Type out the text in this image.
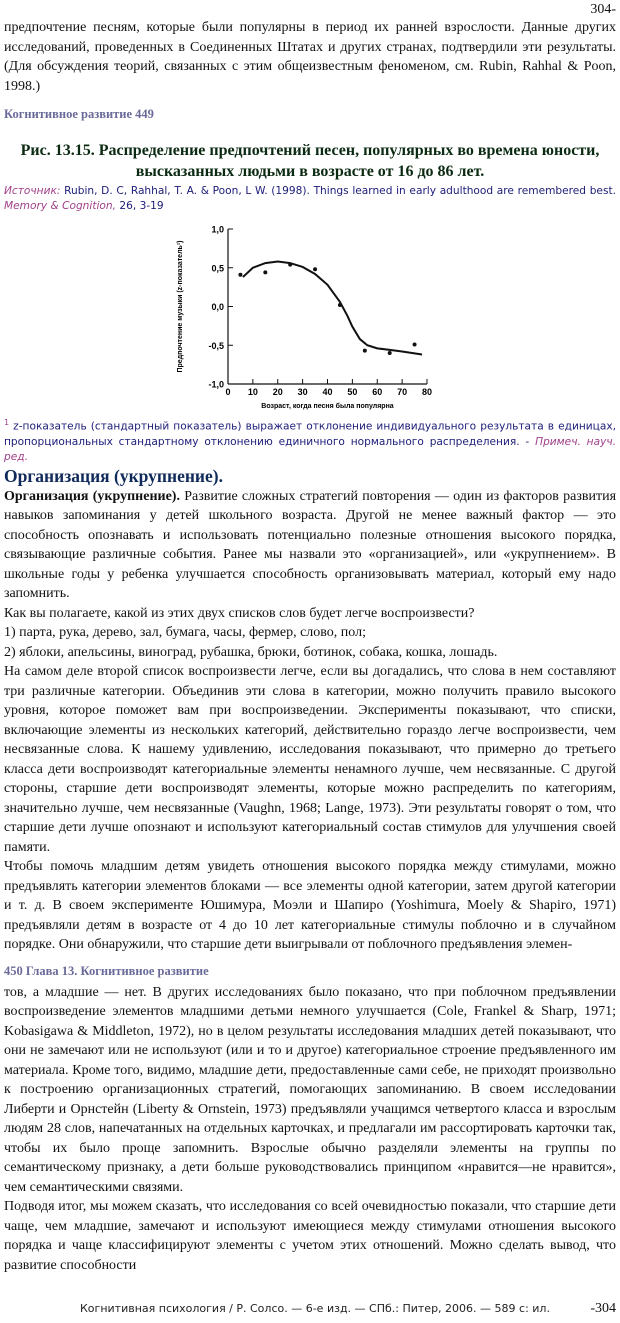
304-

предпочтение песням, которые были популярны в период их ранней взрослости. Данные других исследований, проведенных в Соединенных Штатах и других странах, подтвердили эти результаты. (Для обсуждения теорий, связанных с этим общеизвестным феноменом, см. Rubin, Rahhal & Poon, 1998.)

Когнитивное развитие 449
Рис. 13.15. Распределение предпочтений песен, популярных во времена юности,
высказанных людьми в возрасте от 16 до 86 лет.
Источник: Rubin, D. C, Rahhal, T. A. & Poon, L W. (1998). Things learned in early adulthood are remembered best. Memory & Cognition, 26, 3-19
1,0
0,5
0,0
-0,5
-1,0
0 10 20 30 40 50 60 70 80
Возраст, когда песня была популярна
Предпочтение музыки (z-показатель¹)
$^1$ z-показатель (стандартный показатель) выражает отклонение индивидуального результата в единицах, пропорциональных стандартному отклонению единичного нормального распределения. - Примеч. науч. ред.
Организация (укрупнение).

Организация (укрупнение). Развитие сложных стратегий повторения — один из факторов развития навыков запоминания у детей школьного возраста. Другой не менее важный фактор — это способность опознавать и использовать потенциально полезные отношения высокого порядка, связывающие различные события. Ранее мы назвали это «организацией», или «укрупнением». В школьные годы у ребенка улучшается способность организовывать материал, который ему надо запомнить.

Как вы полагаете, какой из этих двух списков слов будет легче воспроизвести?

1) парта, рука, дерево, зал, бумага, часы, фермер, слово, пол;

2) яблоки, апельсины, виноград, рубашка, брюки, ботинок, собака, кошка, лошадь.

На самом деле второй список воспроизвести легче, если вы догадались, что слова в нем составляют три различные категории. Объединив эти слова в категории, можно получить правило высокого уровня, которое поможет вам при воспроизведении. Эксперименты показывают, что списки, включающие элементы из нескольких категорий, действительно гораздо легче воспроизвести, чем несвязанные слова. К нашему удивлению, исследования показывают, что примерно до третьего класса дети воспроизводят категориальные элементы ненамного лучше, чем несвязанные. С другой стороны, старшие дети воспроизводят элементы, которые можно распределить по категориям, значительно лучше, чем несвязанные (Vaughn, 1968; Lange, 1973). Эти результаты говорят о том, что старшие дети лучше опознают и используют категориальный состав стимулов для улучшения своей памяти.

Чтобы помочь младшим детям увидеть отношения высокого порядка между стимулами, можно предъявлять категории элементов блоками — все элементы одной категории, затем другой категории и т. д. В своем эксперименте Юшимура, Моэли и Шапиро (Yoshimura, Moely & Shapiro, 1971) предъявляли детям в возрасте от 4 до 10 лет категориальные стимулы поблочно и в случайном порядке. Они обнаружили, что старшие дети выигрывали от поблочного предъявления элемен-

450 Глава 13. Когнитивное развитие

тов, а младшие — нет. В других исследованиях было показано, что при поблочном предъявлении воспроизведение элементов младшими детьми немного улучшается (Cole, Frankel & Sharp, 1971; Kobasigawa & Middleton, 1972), но в целом результаты исследования младших детей показывают, что они не замечают или не используют (или и то и другое) категориальное строение предъявленного им материала. Кроме того, видимо, младшие дети, предоставленные сами себе, не приходят произвольно к построению организационных стратегий, помогающих запоминанию. В своем исследовании Либерти и Орнстейн (Liberty & Ornstein, 1973) предъявляли учащимся четвертого класса и взрослым людям 28 слов, напечатанных на отдельных карточках, и предлагали им рассортировать карточки так, чтобы их было проще запомнить. Взрослые обычно разделяли элементы на группы по семантическому признаку, а дети больше руководствовались принципом «нравится—не нравится», чем семантическими связями.

Подводя итог, мы можем сказать, что исследования со всей очевидностью показали, что старшие дети чаще, чем младшие, замечают и используют имеющиеся между стимулами отношения высокого порядка и чаще классифицируют элементы с учетом этих отношений. Можно сделать вывод, что развитие способности

Когнитивная психология / Р. Солсо. — 6-е изд. — СПб.: Питер, 2006. — 589 с: ил.	-304
